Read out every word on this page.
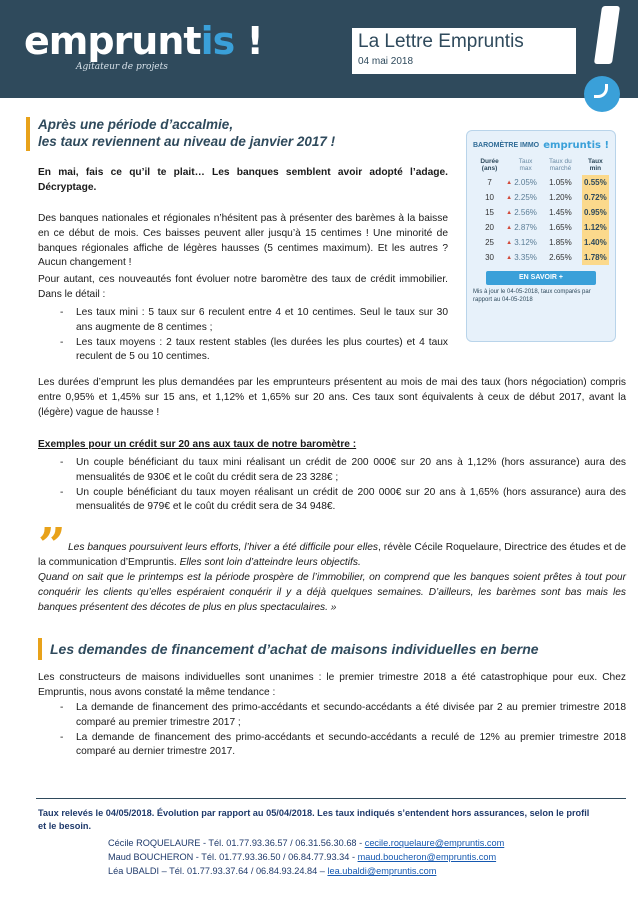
empruntis !
Agitateur de projets
La Lettre Empruntis
04 mai 2018
Après une période d’accalmie,
les taux reviennent au niveau de janvier 2017 !
En mai, fais ce qu’il te plait… Les banques semblent avoir adopté l’adage. Décryptage.
Des banques nationales et régionales n’hésitent pas à présenter des barèmes à la baisse en ce début de mois. Ces baisses peuvent aller jusqu’à 15 centimes ! Une minorité de banques régionales affiche de légères hausses (5 centimes maximum). Et les autres ? Aucun changement !
Pour autant, ces nouveautés font évoluer notre baromètre des taux de crédit immobilier. Dans le détail :
- Les taux mini : 5 taux sur 6 reculent entre 4 et 10 centimes. Seul le taux sur 30 ans augmente de 8 centimes ;
- Les taux moyens : 2 taux restent stables (les durées les plus courtes) et 4 taux reculent de 5 ou 10 centimes.
BAROMÈTRE IMMO empruntis !
Durée (ans)		Taux max	Taux du marché	Taux min
7	▲	2.05%	1.05%	0.55%
10	▲	2.25%	1.20%	0.72%
15	▲	2.56%	1.45%	0.95%
20	▲	2.87%	1.65%	1.12%
25	▲	3.12%	1.85%	1.40%
30	▲	3.35%	2.65%	1.78%
EN SAVOIR +
Mis à jour le 04-05-2018, taux comparés par rapport au 04-05-2018
Les durées d’emprunt les plus demandées par les emprunteurs présentent au mois de mai des taux (hors négociation) compris entre 0,95% et 1,45% sur 15 ans, et 1,12% et 1,65% sur 20 ans. Ces taux sont équivalents à ceux de début 2017, avant la (légère) vague de hausse !
Exemples pour un crédit sur 20 ans aux taux de notre baromètre :
- Un couple bénéficiant du taux mini réalisant un crédit de 200 000€ sur 20 ans à 1,12% (hors assurance) aura des mensualités de 930€ et le coût du crédit sera de 23 328€ ;
- Un couple bénéficiant du taux moyen réalisant un crédit de 200 000€ sur 20 ans à 1,65% (hors assurance) aura des mensualités de 979€ et le coût du crédit sera de 34 948€.
” Les banques poursuivent leurs efforts, l’hiver a été difficile pour elles, révèle Cécile Roquelaure, Directrice des études et de la communication d’Empruntis. Elles sont loin d’atteindre leurs objectifs.
Quand on sait que le printemps est la période prospère de l’immobilier, on comprend que les banques soient prêtes à tout pour conquérir les clients qu’elles espéraient conquérir il y a déjà quelques semaines. D’ailleurs, les barèmes sont bas mais les banques présentent des décotes de plus en plus spectaculaires. »
Les demandes de financement d’achat de maisons individuelles en berne
Les constructeurs de maisons individuelles sont unanimes : le premier trimestre 2018 a été catastrophique pour eux. Chez Empruntis, nous avons constaté la même tendance :
- La demande de financement des primo-accédants et secundo-accédants a été divisée par 2 au premier trimestre 2018 comparé au premier trimestre 2017 ;
- La demande de financement des primo-accédants et secundo-accédants a reculé de 12% au premier trimestre 2018 comparé au dernier trimestre 2017.
Taux relevés le 04/05/2018. Évolution par rapport au 05/04/2018. Les taux indiqués s’entendent hors assurances, selon le profil et le besoin.
Cécile ROQUELAURE - Tél. 01.77.93.36.57 / 06.31.56.30.68 - cecile.roquelaure@empruntis.com
Maud BOUCHERON - Tél. 01.77.93.36.50 / 06.84.77.93.34 - maud.boucheron@empruntis.com
Léa UBALDI – Tél. 01.77.93.37.64 / 06.84.93.24.84 – lea.ubaldi@empruntis.com
